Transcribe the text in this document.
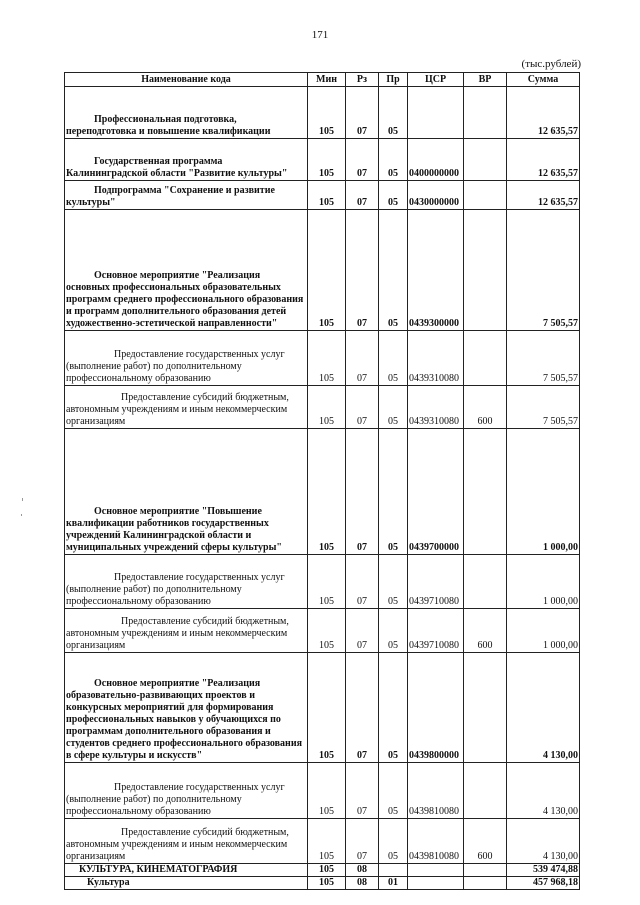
171
(тыс.рублей)
Наименование кода	Мин	Рз	Пр	ЦСР	ВР	Сумма
Профессиональная подготовка, переподготовка и повышение квалификации	105	07	05			12 635,57
Государственная программа Калининградской области "Развитие культуры"	105	07	05	0400000000		12 635,57
Подпрограмма "Сохранение и развитие культуры"	105	07	05	0430000000		12 635,57
Основное мероприятие "Реализация основных профессиональных образовательных программ среднего профессионального образования и программ дополнительного образования детей художественно-эстетической направленности"	105	07	05	0439300000		7 505,57
Предоставление государственных услуг (выполнение работ) по дополнительному профессиональному образованию	105	07	05	0439310080		7 505,57
Предоставление субсидий бюджетным, автономным учреждениям и иным некоммерческим организациям	105	07	05	0439310080	600	7 505,57
Основное мероприятие "Повышение квалификации работников государственных учреждений Калининградской области и муниципальных учреждений сферы культуры"	105	07	05	0439700000		1 000,00
Предоставление государственных услуг (выполнение работ) по дополнительному профессиональному образованию	105	07	05	0439710080		1 000,00
Предоставление субсидий бюджетным, автономным учреждениям и иным некоммерческим организациям	105	07	05	0439710080	600	1 000,00
Основное мероприятие "Реализация образовательно-развивающих проектов и конкурсных мероприятий для формирования профессиональных навыков у обучающихся по программам дополнительного образования и студентов среднего профессионального образования в сфере культуры и искусств"	105	07	05	0439800000		4 130,00
Предоставление государственных услуг (выполнение работ) по дополнительному профессиональному образованию	105	07	05	0439810080		4 130,00
Предоставление субсидий бюджетным, автономным учреждениям и иным некоммерческим организациям	105	07	05	0439810080	600	4 130,00
КУЛЬТУРА, КИНЕМАТОГРАФИЯ	105	08				539 474,88
Культура	105	08	01			457 968,18
